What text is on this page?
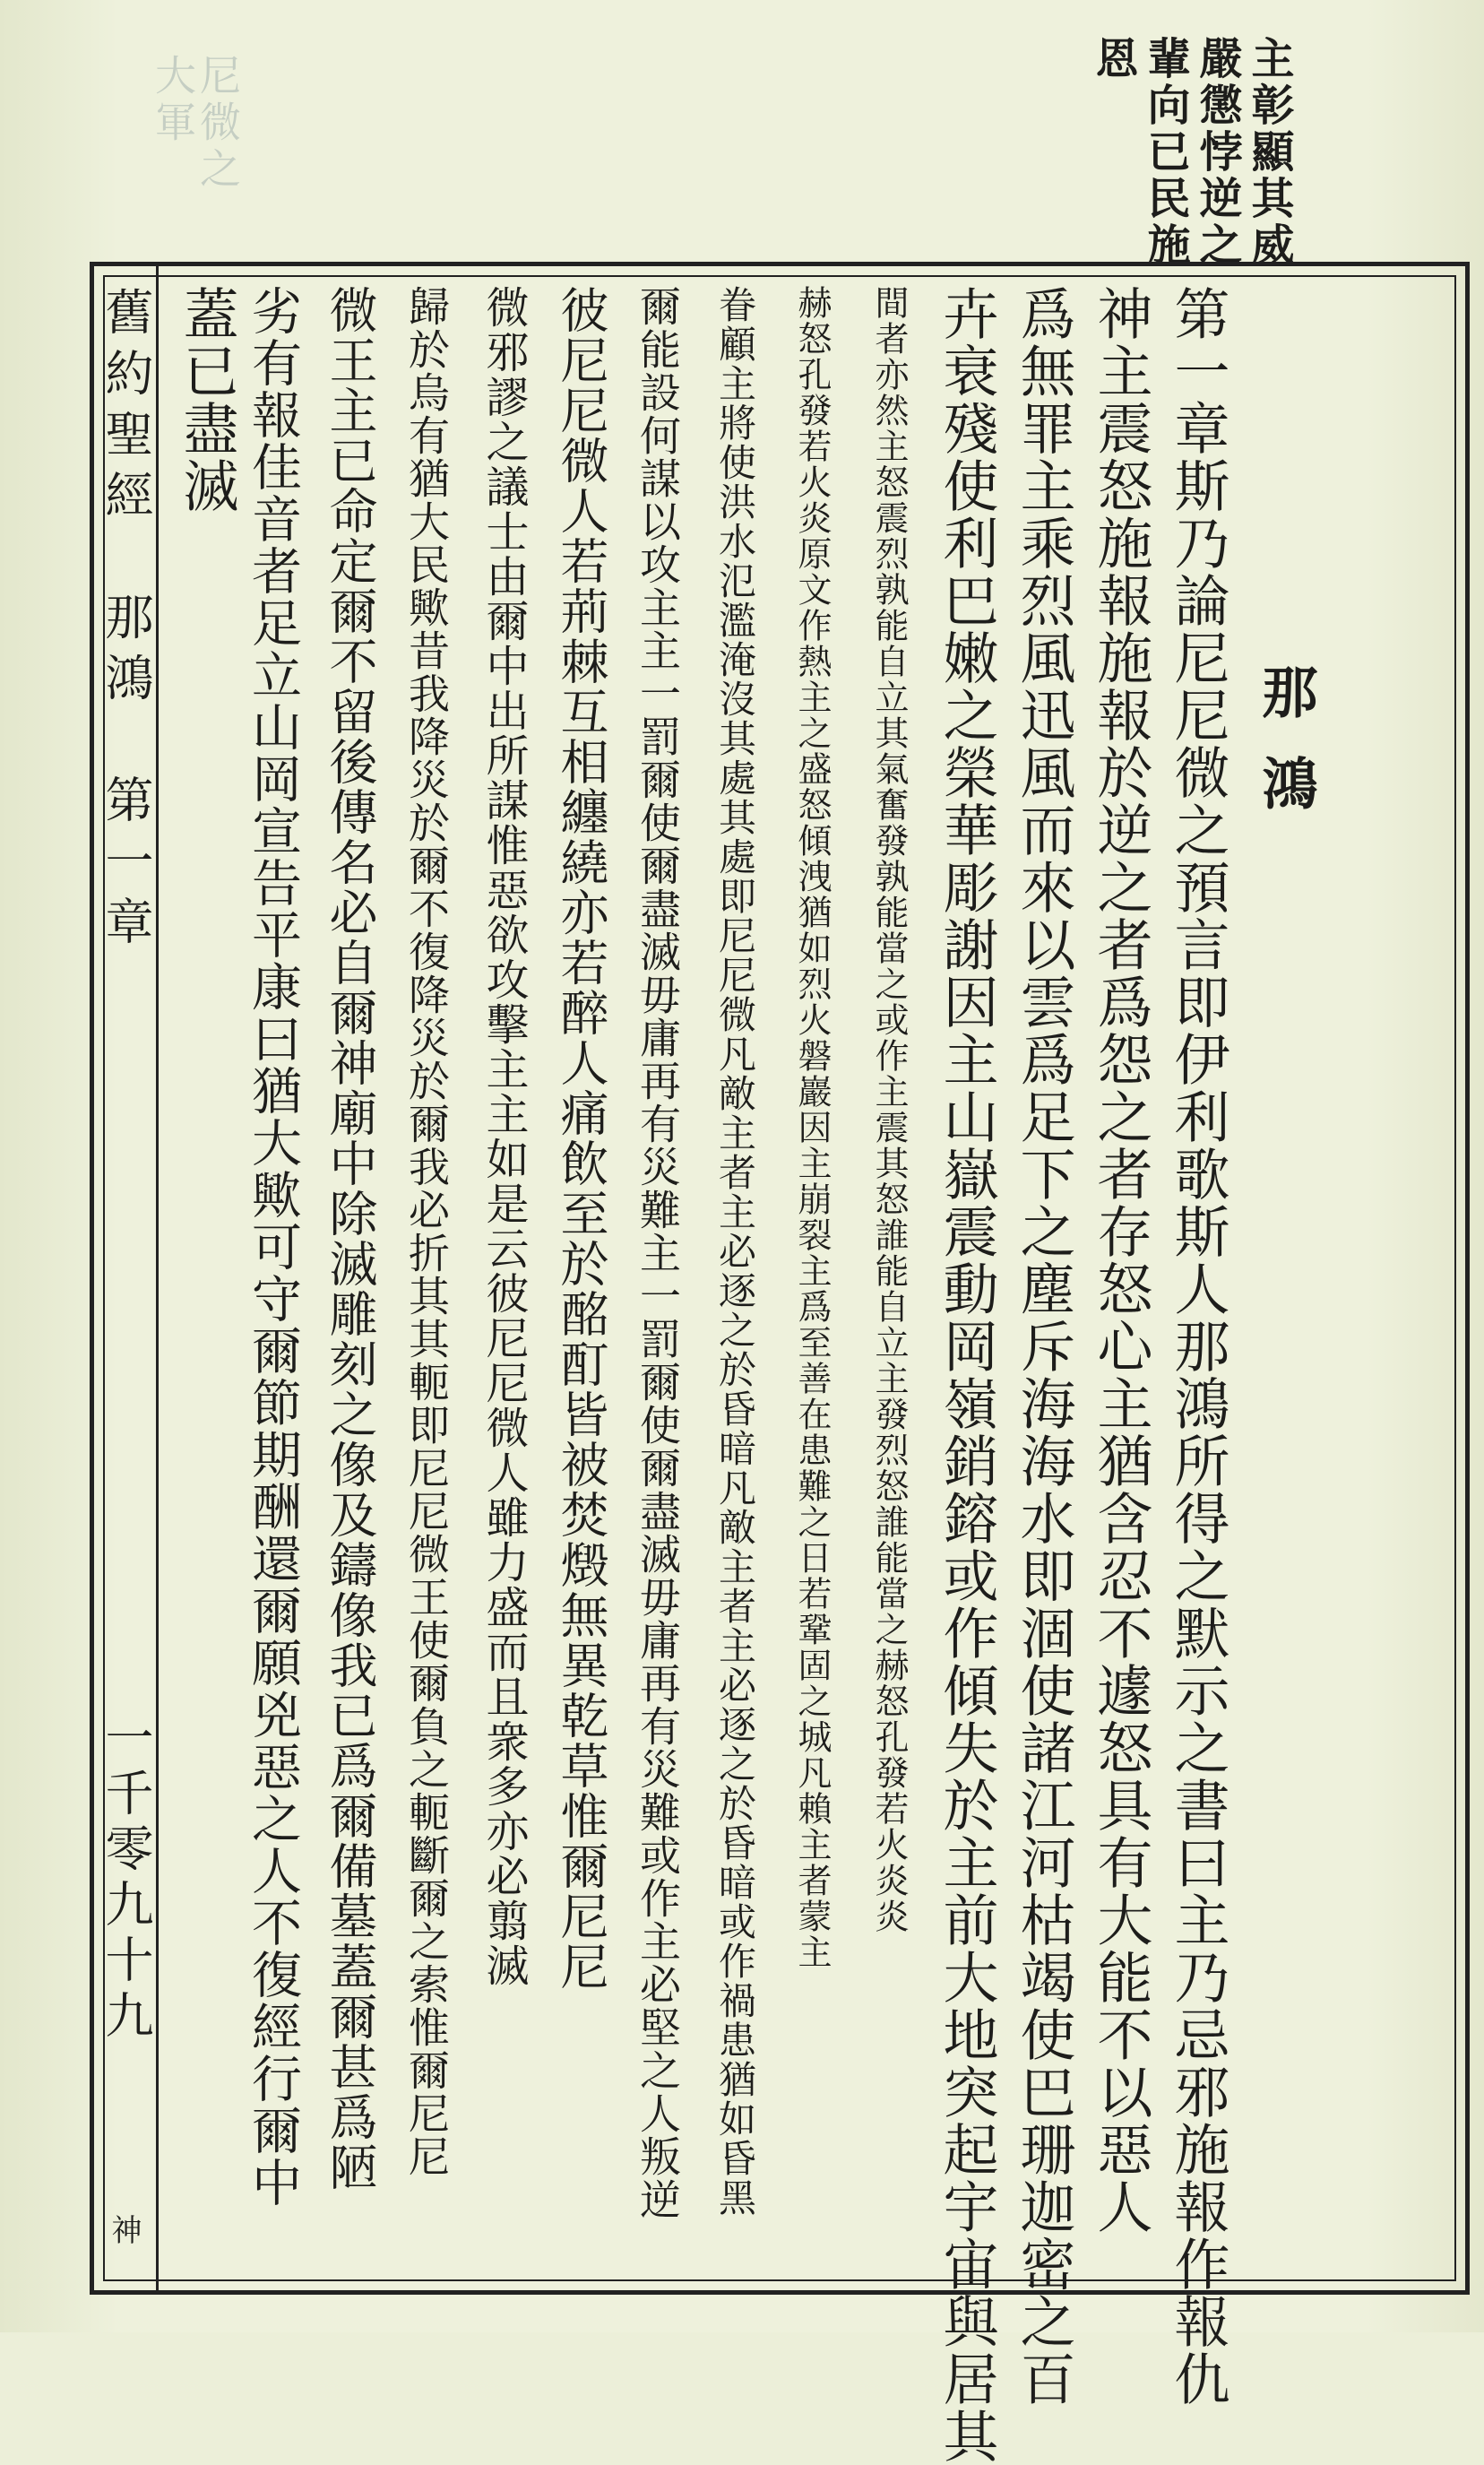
尼微之
大軍	主彰顯其威
嚴懲悖逆之
輩向已民施
恩
那鴻
第一章斯乃論尼尼微之預言即伊利歌斯人那鴻所得之默示之書曰主乃忌邪施報作報仇
神主震怒施報施報於逆之者爲怨之者存怒心主猶含忍不遽怒具有大能不以惡人
爲無罪主乘烈風迅風而來以雲爲足下之塵斥海海水即涸使諸江河枯竭使巴珊迦密之百
卉衰殘使利巴嫩之榮華彫謝因主山嶽震動岡嶺銷鎔或作傾失於主前大地突起宇宙與居其
間者亦然主怒震烈孰能自立其氣奮發孰能當之或作主震其怒誰能自立主發烈怒誰能當之赫怒孔發若火炎炎
赫怒孔發若火炎原文作熱主之盛怒傾洩猶如烈火磐巖因主崩裂主爲至善在患難之日若鞏固之城凡賴主者蒙主
眷顧主將使洪水氾濫淹沒其處其處即尼尼微凡敵主者主必逐之於昏暗凡敵主者主必逐之於昏暗或作禍患猶如昏黑
爾能設何謀以攻主主一罰爾使爾盡滅毋庸再有災難主一罰爾使爾盡滅毋庸再有災難或作主必堅之人叛逆
彼尼尼微人若荊棘互相纏繞亦若醉人痛飲至於酩酊皆被焚燬無異乾草惟爾尼尼
微邪謬之議士由爾中出所謀惟惡欲攻擊主主如是云彼尼尼微人雖力盛而且衆多亦必翦滅
歸於烏有猶大民歟昔我降災於爾不復降災於爾我必折其其軛即尼尼微王使爾負之軛斷爾之索惟爾尼尼
微王主已命定爾不留後傳名必自爾神廟中除滅雕刻之像及鑄像我已爲爾備墓蓋爾甚爲陋
劣有報佳音者足立山岡宣告平康曰猶大歟可守爾節期酬還爾願兇惡之人不復經行爾中
蓋已盡滅
舊約聖經　那鴻　第一章
一千零九十九
神
